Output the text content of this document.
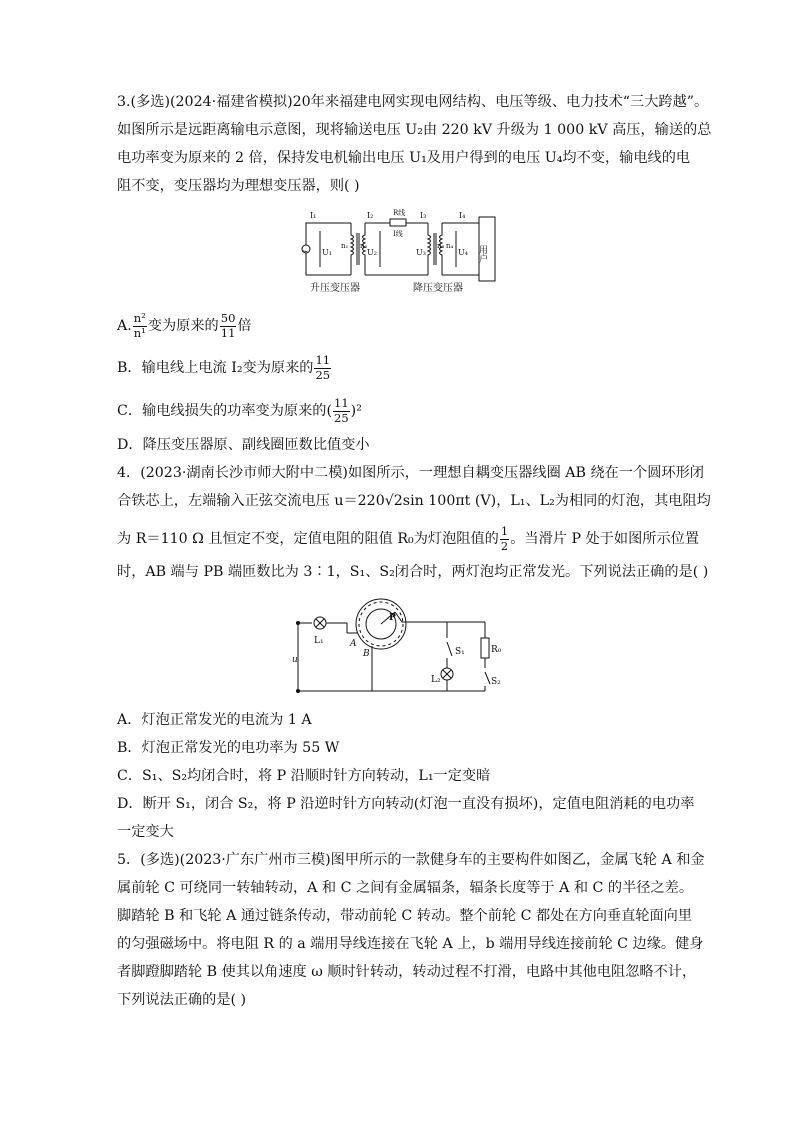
3.(多选)(2024·福建省模拟)20年来福建电网实现电网结构、电压等级、电力技术“三大跨越”。
如图所示是远距离输电示意图，现将输送电压 U₂由 220 kV 升级为 1 000 kV 高压，输送的总
电功率变为原来的 2 倍，保持发电机输出电压 U₁及用户得到的电压 U₄均不变，输电线的电
阻不变，变压器均为理想变压器，则( )
I₁	I₂	R线
I线
I₃	I₄
~ U₁
n₁ n₂
U₂	U₃
n₃ n₄
U₄ 用户
升压变压器	降压变压器
A. $\frac{\text{n²}}{\text{n¹}}$ 变为原来的 $\frac{50}{11}$ 倍
B．输电线上电流 I₂变为原来的 $\frac{11}{25}$
C．输电线损失的功率变为原来的( $\frac{11}{25} )^2$
D．降压变压器原、副线圈匝数比值变小
4．(2023·湖南长沙市师大附中二模)如图所示，一理想自耦变压器线圈 AB 绕在一个圆环形闭
合铁芯上，左端输入正弦交流电压 u＝220√2sin 100πt (V)，L₁、L₂为相同的灯泡，其电阻均
为 R＝110 Ω 且恒定不变，定值电阻的阻值 R₀为灯泡阻值的 $\frac{1}{2}$ 。当滑片 P 处于如图所示位置
时，AB 端与 PB 端匝数比为 3∶1，S₁、S₂闭合时，两灯泡均正常发光。下列说法正确的是( )
L₁	A
B
P
u
S₁
L₂
R₀
S₂
A．灯泡正常发光的电流为 1 A
B．灯泡正常发光的电功率为 55 W
C．S₁、S₂均闭合时，将 P 沿顺时针方向转动，L₁一定变暗
D．断开 S₁，闭合 S₂，将 P 沿逆时针方向转动(灯泡一直没有损坏)，定值电阻消耗的电功率
一定变大
5．(多选)(2023·广东广州市三模)图甲所示的一款健身车的主要构件如图乙，金属飞轮 A 和金
属前轮 C 可绕同一转轴转动，A 和 C 之间有金属辐条，辐条长度等于 A 和 C 的半径之差。
脚踏轮 B 和飞轮 A 通过链条传动，带动前轮 C 转动。整个前轮 C 都处在方向垂直轮面向里
的匀强磁场中。将电阻 R 的 a 端用导线连接在飞轮 A 上，b 端用导线连接前轮 C 边缘。健身
者脚蹬脚踏轮 B 使其以角速度 ω 顺时针转动，转动过程不打滑，电路中其他电阻忽略不计，
下列说法正确的是( )
